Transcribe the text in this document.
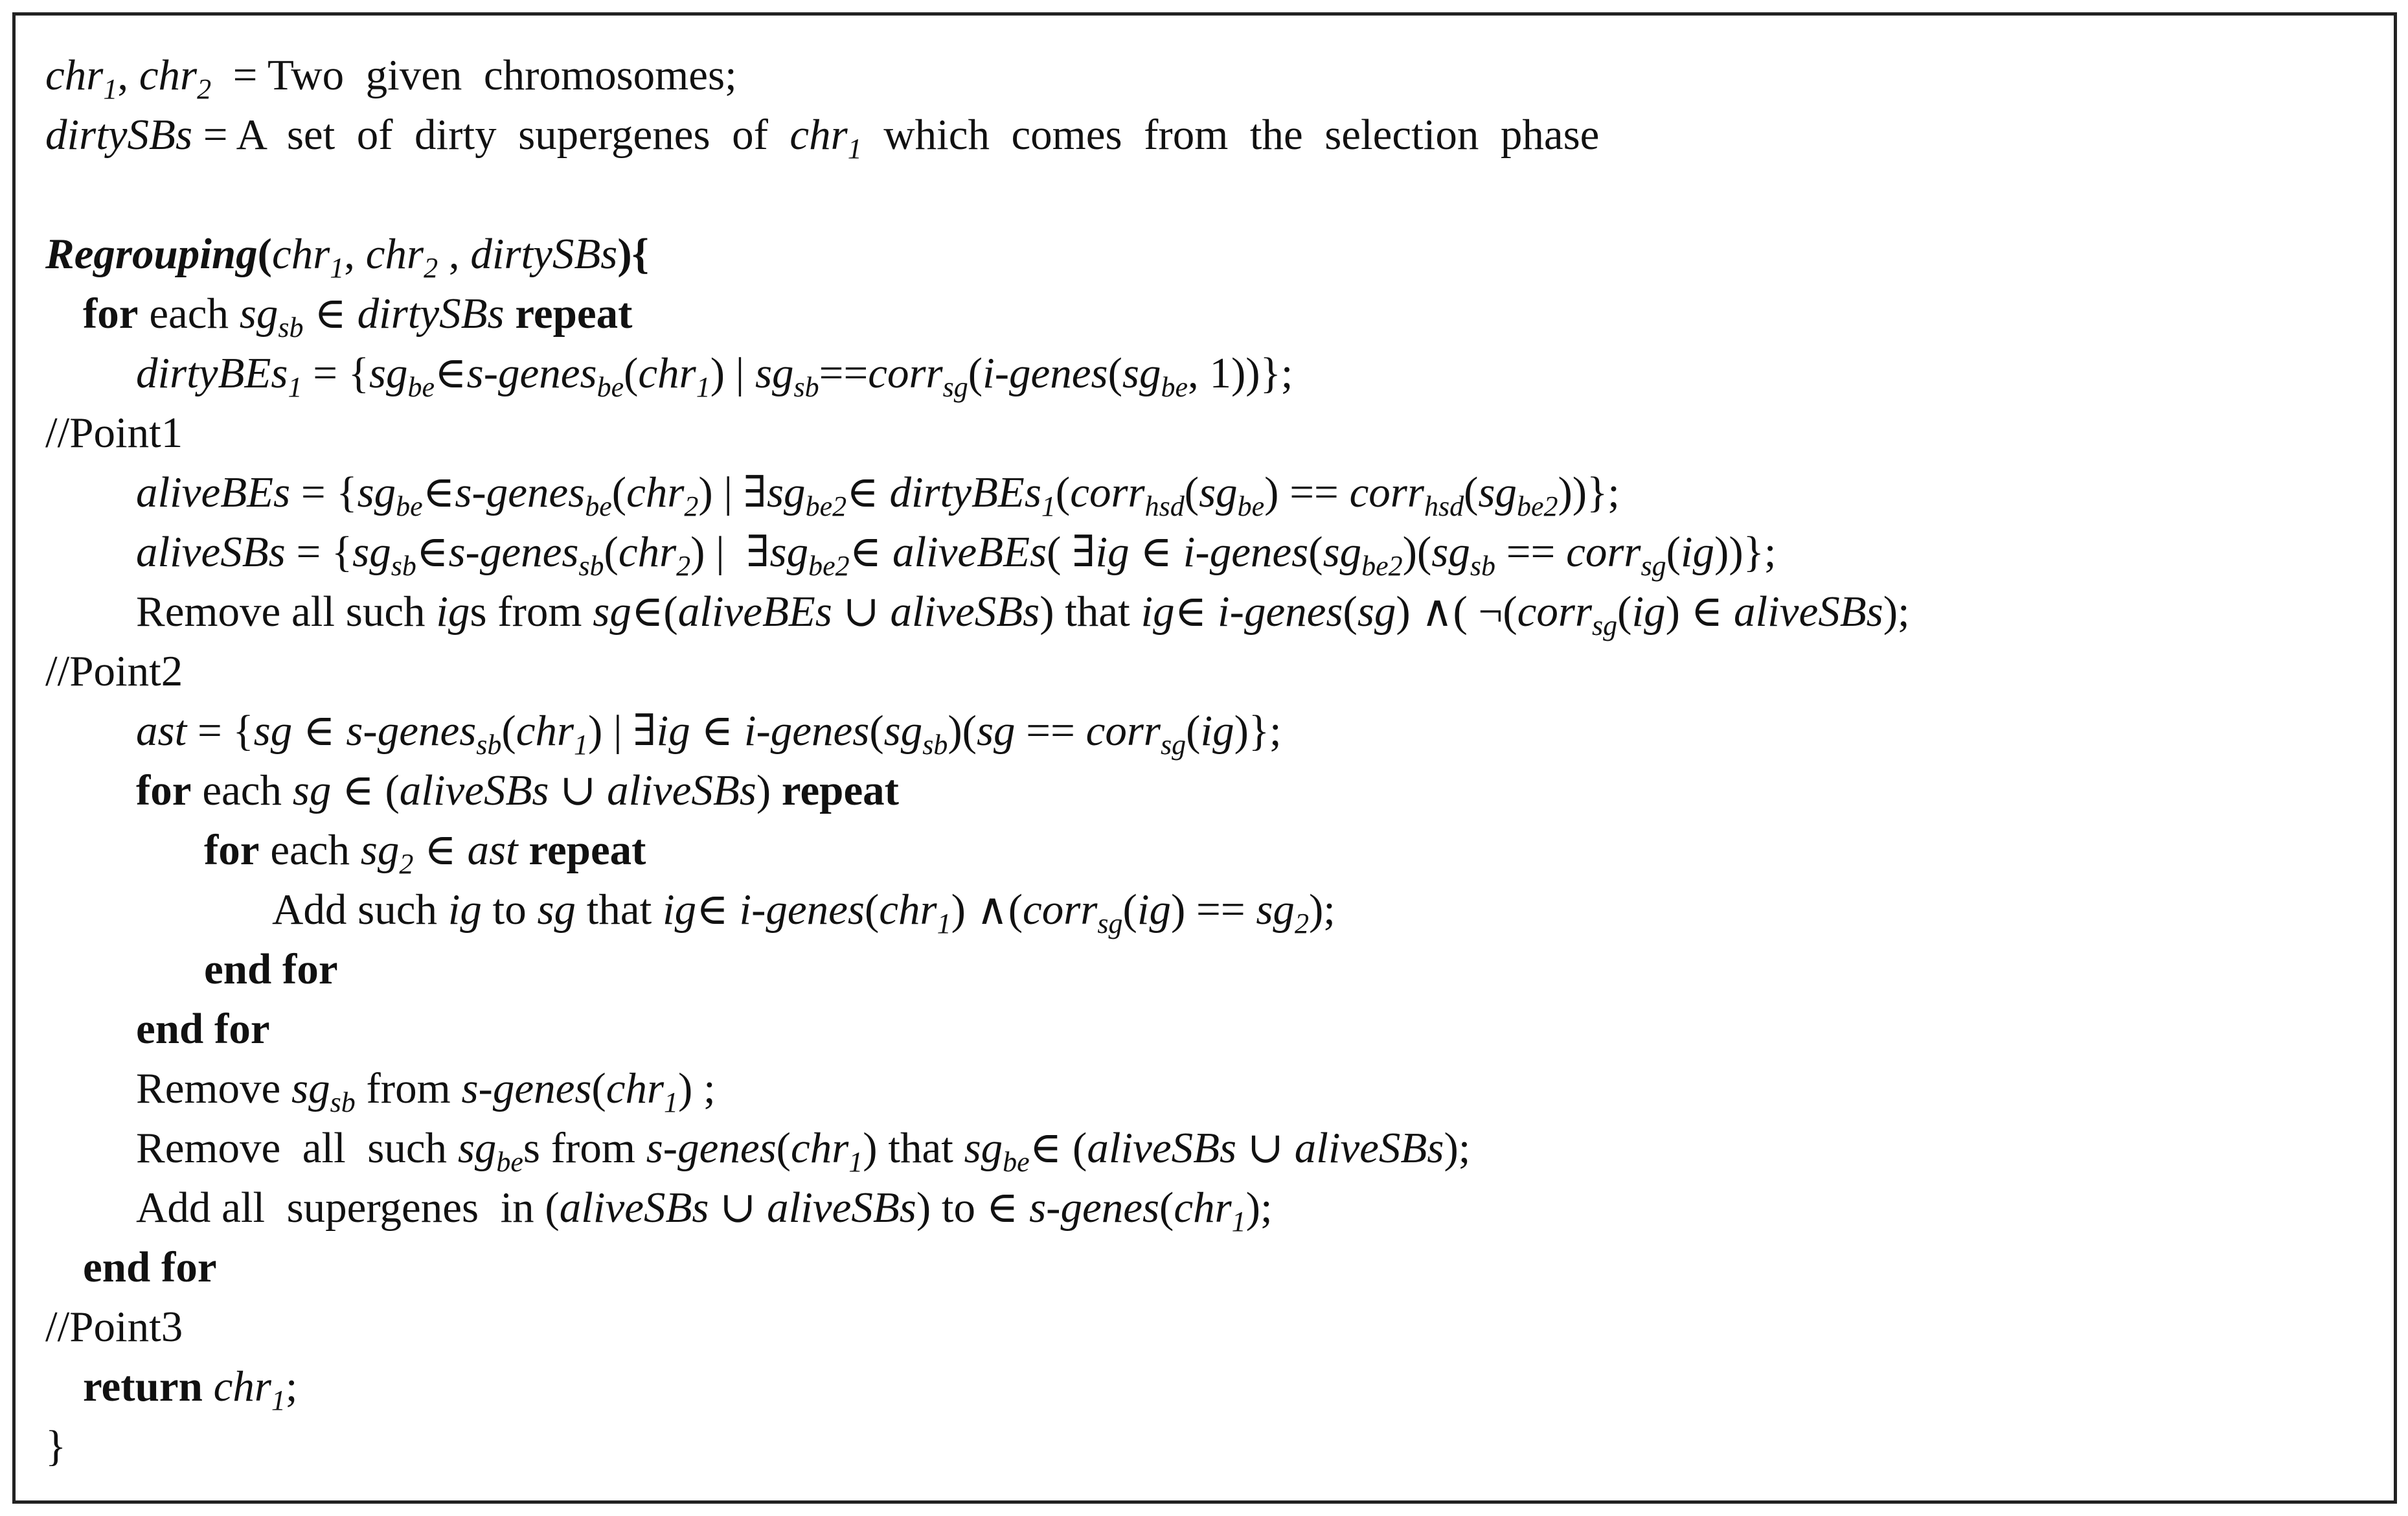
chr$_1$, chr$_2$  = Two  given  chromosomes;
dirtySBs = A  set  of  dirty  supergenes  of  chr$_1$  which  comes  from  the  selection  phase
Regrouping(chr$_1$, chr$_2$ , dirtySBs){
for each $sg_{sb}$ ∈ dirtySBs repeat
dirtyBEs$_1$ = {$sg_{be}\in s-genes_{be}(chr_1)$ | $sg_{sb}==corr_{sg}(i-genes(sg_{be}$, 1))};
//Point1
aliveBEs = {$sg_{be}\in s-genes_{be}(chr_2)$ | $\exists sg_{be2}\in$ $dirtyBEs_1(corr_{hsd}(sg_{be})$ == $corr_{hsd}(sg_{be2})$)};
aliveSBs = {$sg_{sb}\in s-genes_{sb}(chr_2)$ |  $\exists sg_{be2}\in$ aliveBEs( ∃ig ∈ $i-genes(sg_{be2})(sg_{sb}$ == corr$_{sg}$(ig))};
Remove all such igs from sg∈(aliveBEs ∪ aliveSBs) that ig∈ i-genes(sg) ∧( ¬(corr$_{sg}$(ig) ∈ aliveSBs);
//Point2
ast = {sg ∈ s-genes$_{sb}$(chr$_1$) | ∃ig ∈ $i-genes(sg_{sb})(sg$ == corr$_{sg}$(ig)};
for each sg ∈ (aliveSBs ∪ aliveSBs) repeat
for each $sg_2$ ∈ ast repeat
Add such ig to sg that ig∈ i-genes(chr$_1$) ∧(corr$_{sg}$(ig) == $sg_2$);
end for
end for
Remove $sg_{sb}$ from s-genes(chr$_1$) ;
Remove  all  such $sg_{be}s$ from s-genes(chr$_1$) that $sg_{be}\in$ (aliveSBs ∪ aliveSBs);
Add all  supergenes  in (aliveSBs ∪ aliveSBs) to ∈ s-genes(chr$_1$);
end for
//Point3
return chr$_1$;
}
